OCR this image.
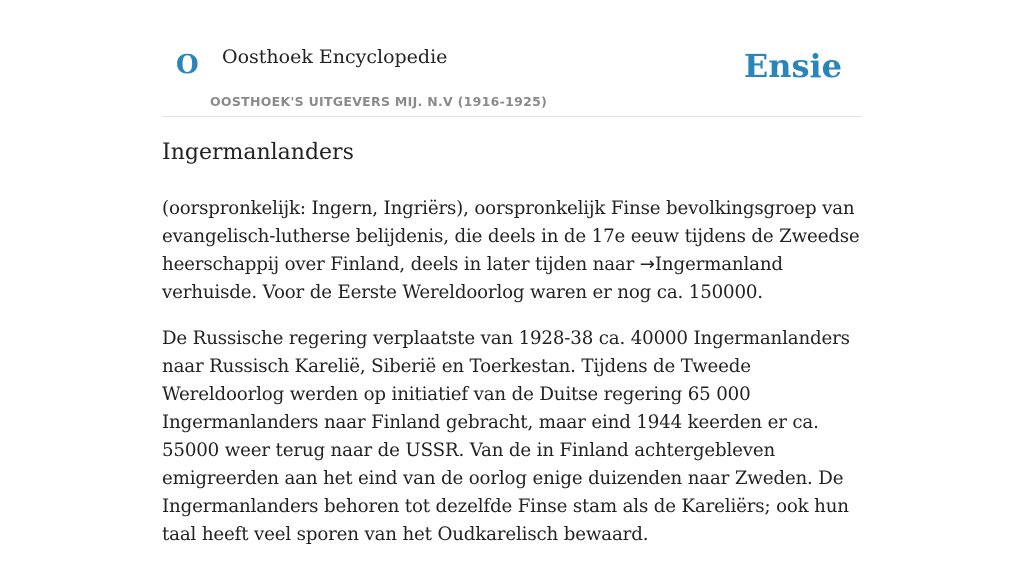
O Oosthoek Encyclopedie
OOSTHOEK'S UITGEVERS MIJ. N.V (1916-1925)
Ensie
Ingermanlanders

(oorspronkelijk: Ingern, Ingriërs), oorspronkelijk Finse bevolkingsgroep van evangelisch-lutherse belijdenis, die deels in de 17e eeuw tijdens de Zweedse heerschappij over Finland, deels in later tijden naar →Ingermanland verhuisde. Voor de Eerste Wereldoorlog waren er nog ca. 150000.

De Russische regering verplaatste van 1928-38 ca. 40000 Ingermanlanders naar Russisch Karelië, Siberië en Toerkestan. Tijdens de Tweede Wereldoorlog werden op initiatief van de Duitse regering 65 000 Ingermanlanders naar Finland gebracht, maar eind 1944 keerden er ca. 55000 weer terug naar de USSR. Van de in Finland achtergebleven emigreerden aan het eind van de oorlog enige duizenden naar Zweden. De Ingermanlanders behoren tot dezelfde Finse stam als de Kareliërs; ook hun taal heeft veel sporen van het Oudkarelisch bewaard.
